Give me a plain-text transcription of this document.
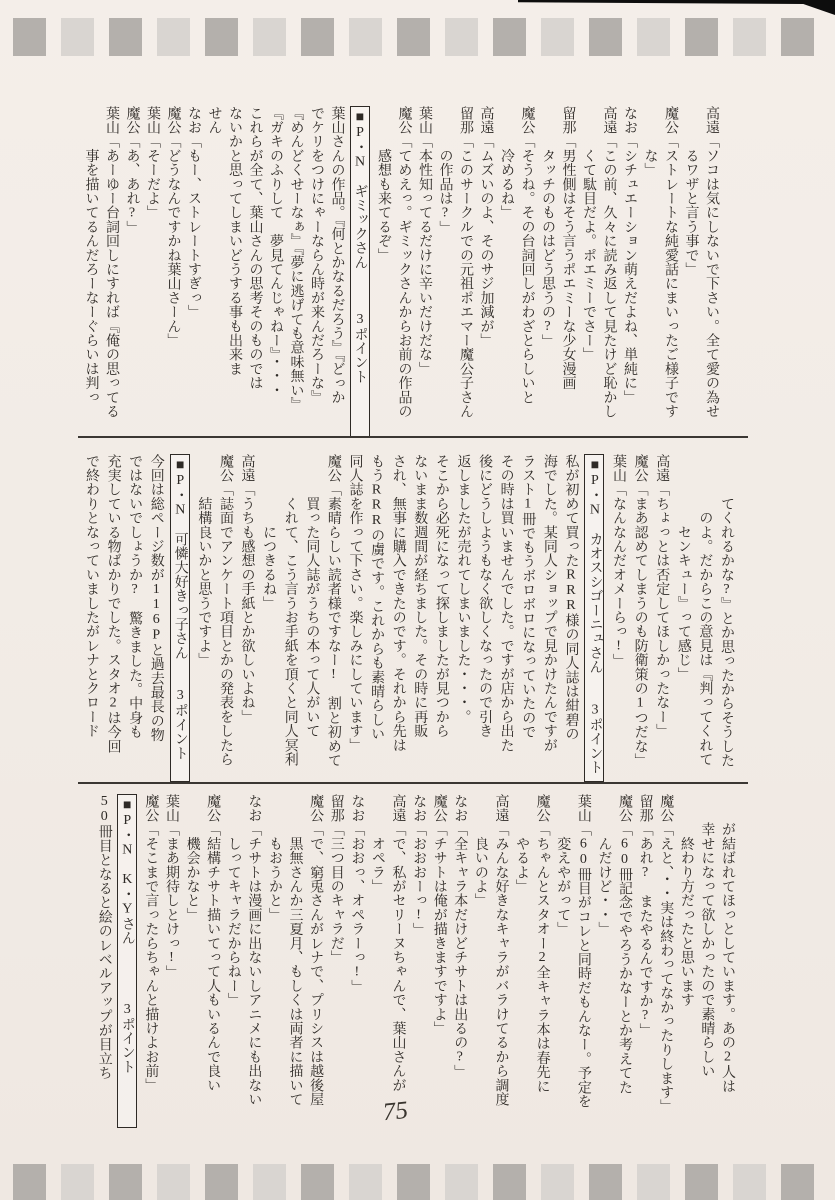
高遠「ソコは気にしないで下さい。全て愛の為せ
　　　るワザと言う事で」
魔公「ストレートな純愛話にまいったご様子です
　　　な」
なお「シチュエーション萌えだよね、単純に」
高遠「この前、久々に読み返して見たけど恥かし
　　　くて駄目だよ。ポエミーでさー」
留那「男性側はそう言うポエミーな少女漫画
　　　タッチのものはどう思うの?」
魔公「そうね。その台詞回しがわざとらしいと
　　　冷めるね」
高遠「ムズいのよ、そのサジ加減が」
留那「このサークルでの元祖ポエマー魔公子さん
　　　の作品は?」
葉山「本性知ってるだけに辛いだけだな」
魔公「てめえっ。ギミックさんからお前の作品の
　　　感想も来てるぞ」
■P・N　ギミックさん　　　3ポイント
葉山さんの作品。『何とかなるだろう』『どっか
でケリをつけにゃーならん時が来んだろーな』
『めんどくせーなぁ』『夢に逃げても意味無い』
『ガキのふりして　夢見てんじゃねー』・・・
これらが全て、葉山さんの思考そのものでは
ないかと思ってしまいどうする事も出来ま
せん
なお「もー、ストレートすぎっ」
魔公「どうなんですかね葉山さーん」
葉山「そーだよ」
魔公「あ、あれ?」
葉山「あーゆー台詞回しにすれば『俺の思ってる
　　　事を描いてるんだろーなーぐらいは判っ
　　　てくれるかな?』とか思ったからそうした
　　　　のよ。だからこの意見は『判ってくれて
　　　　　センキュー』って感じ」
高遠「ちょっとは否定してほしかったなー」
魔公「まあ認めてしまうのも防衛策の1つだな」
葉山「なんなんだオメーらっ!」
■P・N　カオスシゴーニュさん　　3ポイント
私が初めて買ったRRR様の同人誌は紺碧の
海でした。某同人ショップで見かけたんですが
ラスト1冊でもうボロボロになっていたので
その時は買いませんでした。ですが店から出た
後にどうしようもなく欲しくなったので引き
返しましたが売れてしまいました・・・。
そこから必死になって探しましたが見つから
ないまま数週間が経ちました。その時に再販
され、無事に購入できたのです。それから先は
もうRRRの虜です。これからも素晴らしい
同人誌を作って下さい。楽しみにしています」
魔公「素晴らしい読者様ですなー!　割と初めて
　　　買った同人誌がうちの本って人がいて
　　　くれて、こう言うお手紙を頂くと同人冥利
　　　　　につきるね」
高遠「うちも感想の手紙とか欲しいよね」
魔公「誌面でアンケート項目とかの発表をしたら
　　　結構良いかと思うですよ」
■P・N　可憐大好きっ子さん　　3ポイント
今回は総ページ数が116Pと過去最長の物
ではないでしょうか?　驚きました。中身も
充実している物ばかりでした。スタオ2は今回
で終わりとなっていましたがレナとクロード
　　が結ばれてほっとしています。あの2人は
　　幸せになって欲しかったので素晴らしい
　　　終わり方だったと思います
魔公「えと、・・実は終わってなかったりします」
留那「あれ?　またやるんですか?」
魔公「60冊記念でやろうかなーとか考えてた
　　　んだけど・・」
葉山「60冊目がコレと同時だもんなー。予定を
　　　変えやがって」
魔公「ちゃんとスタオー2全キャラ本は春先に
　　　やるよ」
高遠「みんな好きなキャラがバラけてるから調度
　　　良いのよ」
なお「全キャラ本だけどチサトは出るの?」
魔公「チサトは俺が描きますですよ」
なお「おおおーっ!」
高遠「で、私がセリーヌちゃんで、葉山さんが
　　　オペラ」
なお「おおっ、オペラーっ!」
留那「三つ目のキャラだ」
魔公「で、窮兎さんがレナで、プリシスは越後屋
　　　黒無さんか三夏月、もしくは両者に描いて
　　　もおうかと」
なお「チサトは漫画に出ないしアニメにも出ない
　　　しってキャラだからねー」
魔公「結構チサト描いてって人もいるんで良い
　　　機会かなと」
葉山「まあ期待しとけっ!」
魔公「そこまで言ったらちゃんと描けよお前」
■P・N　K・Yさん　　　　3ポイント
50冊目となると絵のレベルアップが目立ち
75
